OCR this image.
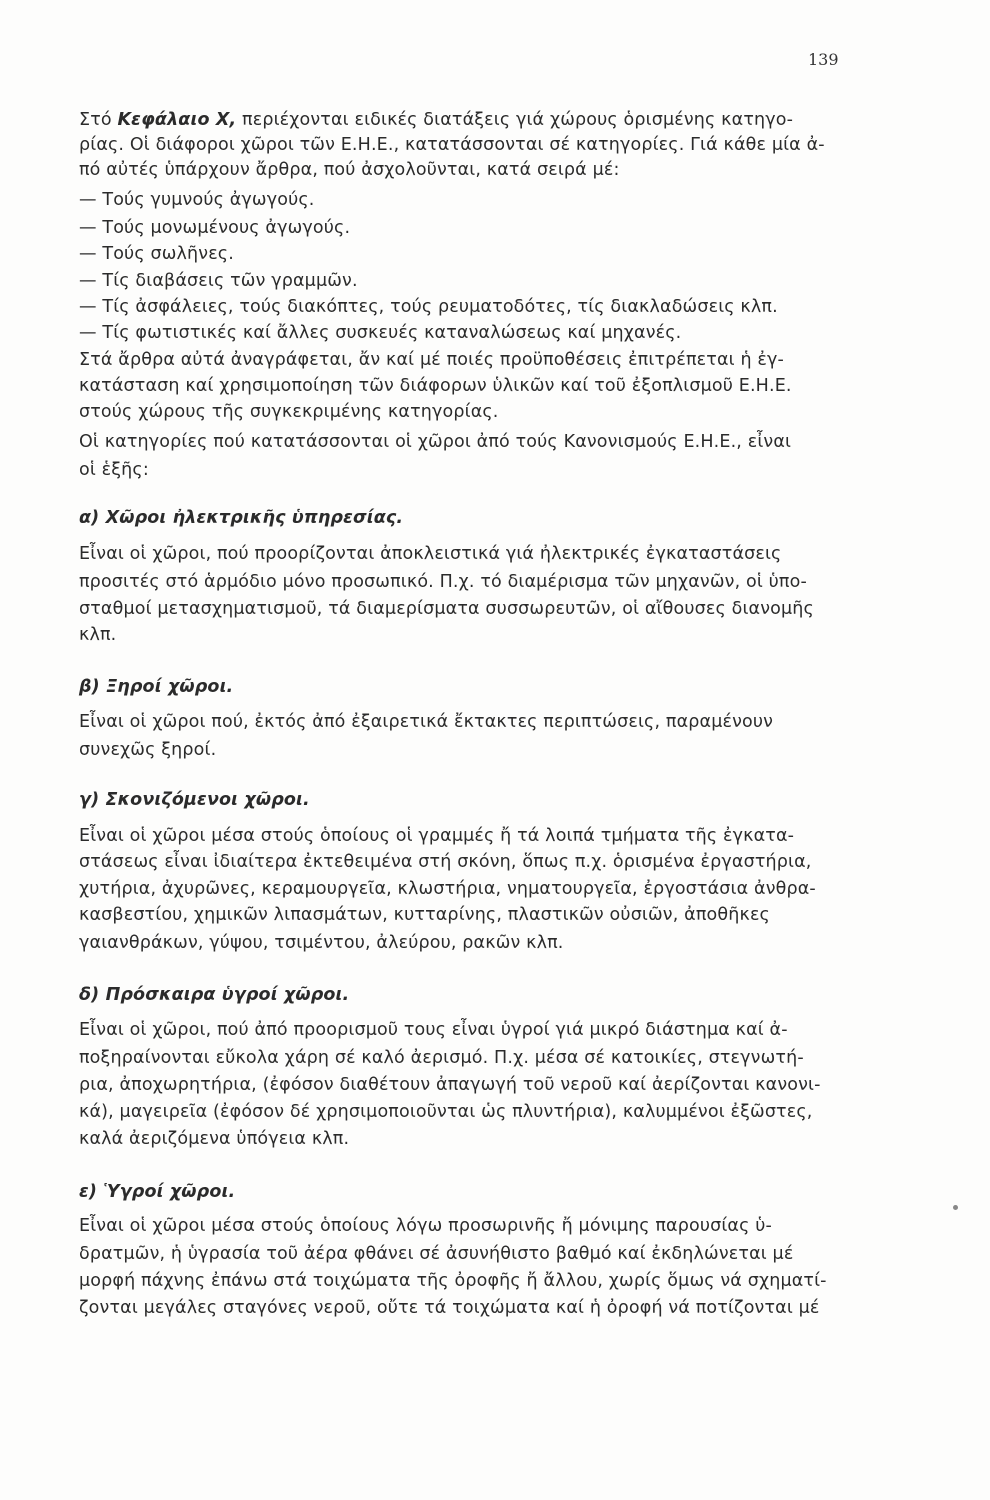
139
Στό Κεφάλαιο Χ, περιέχονται ειδικές διατάξεις γιά χώρους ὁρισμένης κατηγο-
ρίας. Οἱ διάφοροι χῶροι τῶν Ε.Η.Ε., κατατάσσονται σέ κατηγορίες. Γιά κάθε μία ἀ-
πό αὐτές ὑπάρχουν ἄρθρα, πού ἀσχολοῦνται, κατά σειρά μέ:
— Τούς γυμνούς ἀγωγούς.
— Τούς μονωμένους ἀγωγούς.
— Τούς σωλῆνες.
— Τίς διαβάσεις τῶν γραμμῶν.
— Τίς ἀσφάλειες, τούς διακόπτες, τούς ρευματοδότες, τίς διακλαδώσεις κλπ.
— Τίς φωτιστικές καί ἄλλες συσκευές καταναλώσεως καί μηχανές.
Στά ἄρθρα αὐτά ἀναγράφεται, ἄν καί μέ ποιές προϋποθέσεις ἐπιτρέπεται ἡ ἐγ-
κατάσταση καί χρησιμοποίηση τῶν διάφορων ὑλικῶν καί τοῦ ἐξοπλισμοῦ Ε.Η.Ε.
στούς χώρους τῆς συγκεκριμένης κατηγορίας.
Οἱ κατηγορίες πού κατατάσσονται οἱ χῶροι ἀπό τούς Κανονισμούς Ε.Η.Ε., εἶναι
οἱ ἑξῆς:
α) Χῶροι ἠλεκτρικῆς ὑπηρεσίας.
Εἶναι οἱ χῶροι, πού προορίζονται ἀποκλειστικά γιά ἠλεκτρικές ἐγκαταστάσεις
προσιτές στό ἁρμόδιο μόνο προσωπικό. Π.χ. τό διαμέρισμα τῶν μηχανῶν, οἱ ὑπο-
σταθμοί μετασχηματισμοῦ, τά διαμερίσματα συσσωρευτῶν, οἱ αἴθουσες διανομῆς
κλπ.
β) Ξηροί χῶροι.
Εἶναι οἱ χῶροι πού, ἐκτός ἀπό ἐξαιρετικά ἔκτακτες περιπτώσεις, παραμένουν
συνεχῶς ξηροί.
γ) Σκονιζόμενοι χῶροι.
Εἶναι οἱ χῶροι μέσα στούς ὁποίους οἱ γραμμές ἤ τά λοιπά τμήματα τῆς ἐγκατα-
στάσεως εἶναι ἰδιαίτερα ἐκτεθειμένα στή σκόνη, ὅπως π.χ. ὁρισμένα ἐργαστήρια,
χυτήρια, ἀχυρῶνες, κεραμουργεῖα, κλωστήρια, νηματουργεῖα, ἐργοστάσια ἀνθρα-
κασβεστίου, χημικῶν λιπασμάτων, κυτταρίνης, πλαστικῶν οὐσιῶν, ἀποθῆκες
γαιανθράκων, γύψου, τσιμέντου, ἀλεύρου, ρακῶν κλπ.
δ) Πρόσκαιρα ὑγροί χῶροι.
Εἶναι οἱ χῶροι, πού ἀπό προορισμοῦ τους εἶναι ὑγροί γιά μικρό διάστημα καί ἀ-
ποξηραίνονται εὔκολα χάρη σέ καλό ἀερισμό. Π.χ. μέσα σέ κατοικίες, στεγνωτή-
ρια, ἀποχωρητήρια, (ἐφόσον διαθέτουν ἀπαγωγή τοῦ νεροῦ καί ἀερίζονται κανονι-
κά), μαγειρεῖα (ἐφόσον δέ χρησιμοποιοῦνται ὡς πλυντήρια), καλυμμένοι ἐξῶστες,
καλά ἀεριζόμενα ὑπόγεια κλπ.
ε) Ὑγροί χῶροι.
Εἶναι οἱ χῶροι μέσα στούς ὁποίους λόγω προσωρινῆς ἤ μόνιμης παρουσίας ὑ-
δρατμῶν, ἡ ὑγρασία τοῦ ἀέρα φθάνει σέ ἀσυνήθιστο βαθμό καί ἐκδηλώνεται μέ
μορφή πάχνης ἐπάνω στά τοιχώματα τῆς ὀροφῆς ἤ ἄλλου, χωρίς ὅμως νά σχηματί-
ζονται μεγάλες σταγόνες νεροῦ, οὔτε τά τοιχώματα καί ἡ ὀροφή νά ποτίζονται μέ
